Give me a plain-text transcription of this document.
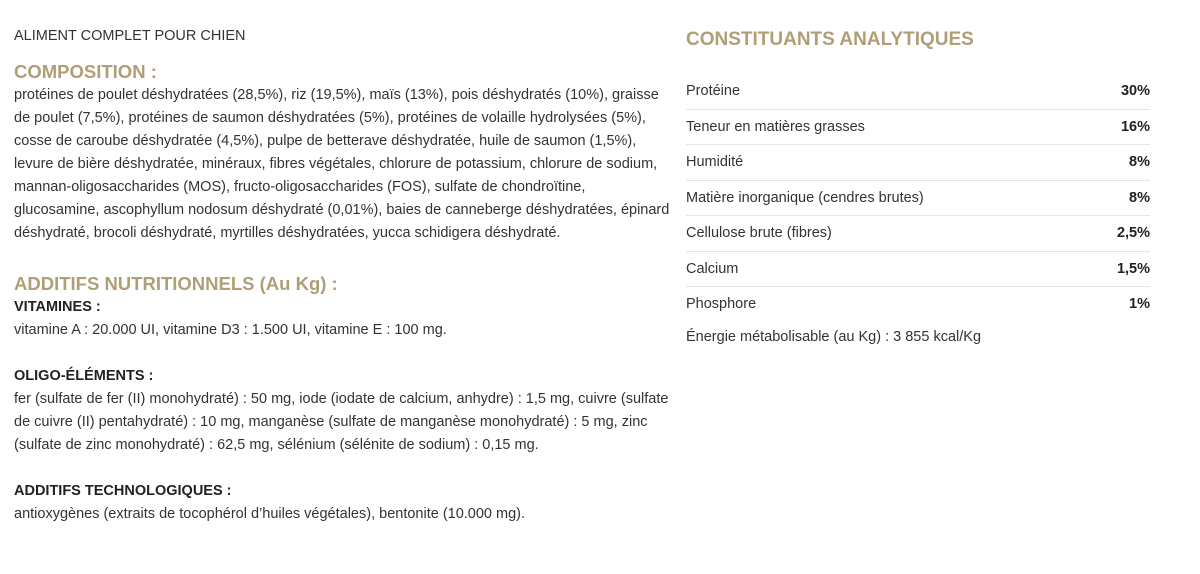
ALIMENT COMPLET POUR CHIEN

COMPOSITION :

protéines de poulet déshydratées (28,5%), riz (19,5%), maïs (13%), pois déshydratés (10%), graisse de poulet (7,5%), protéines de saumon déshydratées (5%), protéines de volaille hydrolysées (5%), cosse de caroube déshydratée (4,5%), pulpe de betterave déshydratée, huile de saumon (1,5%), levure de bière déshydratée, minéraux, fibres végétales, chlorure de potassium, chlorure de sodium, mannan-oligosaccharides (MOS), fructo-oligosaccharides (FOS), sulfate de chondroïtine, glucosamine, ascophyllum nodosum déshydraté (0,01%), baies de canneberge déshydratées, épinard déshydraté, brocoli déshydraté, myrtilles déshydratées, yucca schidigera déshydraté.

ADDITIFS NUTRITIONNELS (Au Kg) :

VITAMINES :

vitamine A : 20.000 UI, vitamine D3 : 1.500 UI, vitamine E : 100 mg.

OLIGO-ÉLÉMENTS :

fer (sulfate de fer (II) monohydraté) : 50 mg, iode (iodate de calcium, anhydre) : 1,5 mg, cuivre (sulfate de cuivre (II) pentahydraté) : 10 mg, manganèse (sulfate de manganèse monohydraté) : 5 mg, zinc (sulfate de zinc monohydraté) : 62,5 mg, sélénium (sélénite de sodium) : 0,15 mg.

ADDITIFS TECHNOLOGIQUES :

antioxygènes (extraits de tocophérol d’huiles végétales), bentonite (10.000 mg).

CONSTITUANTS ANALYTIQUES
Protéine	30%
Teneur en matières grasses	16%
Humidité	8%
Matière inorganique (cendres brutes)	8%
Cellulose brute (fibres)	2,5%
Calcium	1,5%
Phosphore	1%

Énergie métabolisable (au Kg) : 3 855 kcal/Kg
